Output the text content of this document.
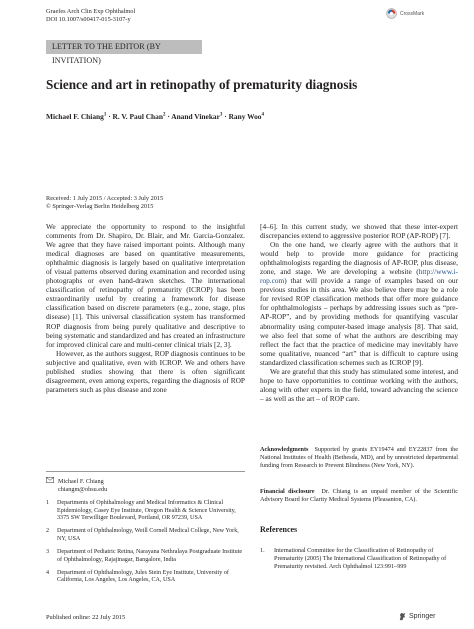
Graefes Arch Clin Exp Ophthalmol
DOI 10.1007/s00417-015-3107-y
CrossMark
LETTER TO THE EDITOR (BY INVITATION)
Science and art in retinopathy of prematurity diagnosis
Michael F. Chiang$^1$ · R. V. Paul Chan$^2$ · Anand Vinekar$^3$ · Rany Woo$^4$
Received: 1 July 2015 / Accepted: 3 July 2015
© Springer-Verlag Berlin Heidelberg 2015

We appreciate the opportunity to respond to the insightful comments from Dr. Shapiro, Dr. Blair, and Mr. Garcia-Gonzalez. We agree that they have raised important points. Although many medical diagnoses are based on quantitative measurements, ophthalmic diagnosis is largely based on qualitative interpretation of visual patterns observed during examination and recorded using photographs or even hand-drawn sketches. The international classification of retinopathy of prematurity (ICROP) has been extraordinarily useful by creating a framework for disease classification based on discrete parameters (e.g., zone, stage, plus disease) [1]. This universal classification system has transformed ROP diagnosis from being purely qualitative and descriptive to being systematic and standardized and has created an infrastructure for improved clinical care and multi-center clinical trials [2, 3].

However, as the authors suggest, ROP diagnosis continues to be subjective and qualitative, even with ICROP. We and others have published studies showing that there is often significant disagreement, even among experts, regarding the diagnosis of ROP parameters such as plus disease and zone

[4–6]. In this current study, we showed that these inter-expert discrepancies extend to aggressive posterior ROP (AP-ROP) [7].

On the one hand, we clearly agree with the authors that it would help to provide more guidance for practicing ophthalmologists regarding the diagnosis of AP-ROP, plus disease, zone, and stage. We are developing a website (http://www.i-rop.com) that will provide a range of examples based on our previous studies in this area. We also believe there may be a role for revised ROP classification methods that offer more guidance for ophthalmologists – perhaps by addressing issues such as “pre-AP-ROP”, and by providing methods for quantifying vascular abnormality using computer-based image analysis [8]. That said, we also feel that some of what the authors are describing may reflect the fact that the practice of medicine may inevitably have some qualitative, nuanced “art” that is difficult to capture using standardized classification schemes such as ICROP [9].

We are grateful that this study has stimulated some interest, and hope to have opportunities to continue working with the authors, along with other experts in the field, toward advancing the science – as well as the art – of ROP care.

Acknowledgments Supported by grants EY19474 and EY22837 from the National Institutes of Health (Bethesda, MD), and by unrestricted departmental funding from Research to Prevent Blindness (New York, NY).
Financial disclosure Dr. Chiang is an unpaid member of the Scientific Advisory Board for Clarity Medical Systems (Pleasanton, CA).
References
1.	International Committee for the Classification of Retinopathy of Prematurity (2005) The International Classification of Retinopathy of Prematurity revisited. Arch Ophthalmol 123:991–999
Michael F. Chiang
chiangm@ohsu.edu
1	Departments of Ophthalmology and Medical Informatics & Clinical Epidemiology, Casey Eye Institute, Oregon Health & Science University, 3375 SW Terwilliger Boulevard, Portland, OR 97239, USA
2	Department of Ophthalmology, Weill Cornell Medical College, New York, NY, USA
3	Department of Pediatric Retina, Narayana Nethralaya Postgraduate Institute of Ophthalmology, Rajajinagar, Bangalore, India
4	Department of Ophthalmology, Jules Stein Eye Institute, University of California, Los Angeles, Los Angeles, CA, USA
Published online: 22 July 2015	Springer
